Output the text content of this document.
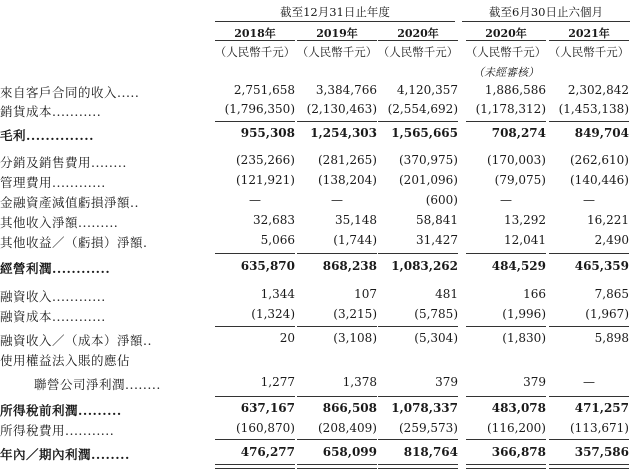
截至12月31日止年度	截至6月30日止六個月
2018年	2019年	2020年	2020年	2021年
（人民幣千元） （人民幣千元） （人民幣千元） （人民幣千元） （人民幣千元）
（未經審核）
來自客戶合同的收入.....	2,751,658	3,384,766	4,120,357	1,886,586	2,302,842
銷貨成本...........	(1,796,350) (2,130,463) (2,554,692)	(1,178,312)	(1,453,138)
毛利..............	955,308	1,254,303	1,565,665	708,274	849,704
分銷及銷售費用........	(235,266)	(281,265)	(370,975)	(170,003)	(262,610)
管理費用............	(121,921)	(138,204)	(201,096)	(79,075)	(140,446)
金融資產減值虧損淨額..	—	—	(600)	—	—
其他收入淨額.........	32,683	35,148	58,841	13,292	16,221
其他收益／（虧損）淨額.	5,066	(1,744)	31,427	12,041	2,490
經營利潤............	635,870	868,238	1,083,262	484,529	465,359
融資收入............	1,344	107	481	166	7,865
融資成本............	(1,324)	(3,215)	(5,785)	(1,996)	(1,967)
融資收入／（成本）淨額..	20	(3,108)	(5,304)	(1,830)	5,898
使用權益法入賬的應佔
聯營公司淨利潤........	1,277	1,378	379	379	—
所得稅前利潤.........	637,167	866,508	1,078,337	483,078	471,257
所得稅費用...........	(160,870)	(208,409)	(259,573)	(116,200)	(113,671)
年內／期內利潤........	476,277	658,099	818,764	366,878	357,586
